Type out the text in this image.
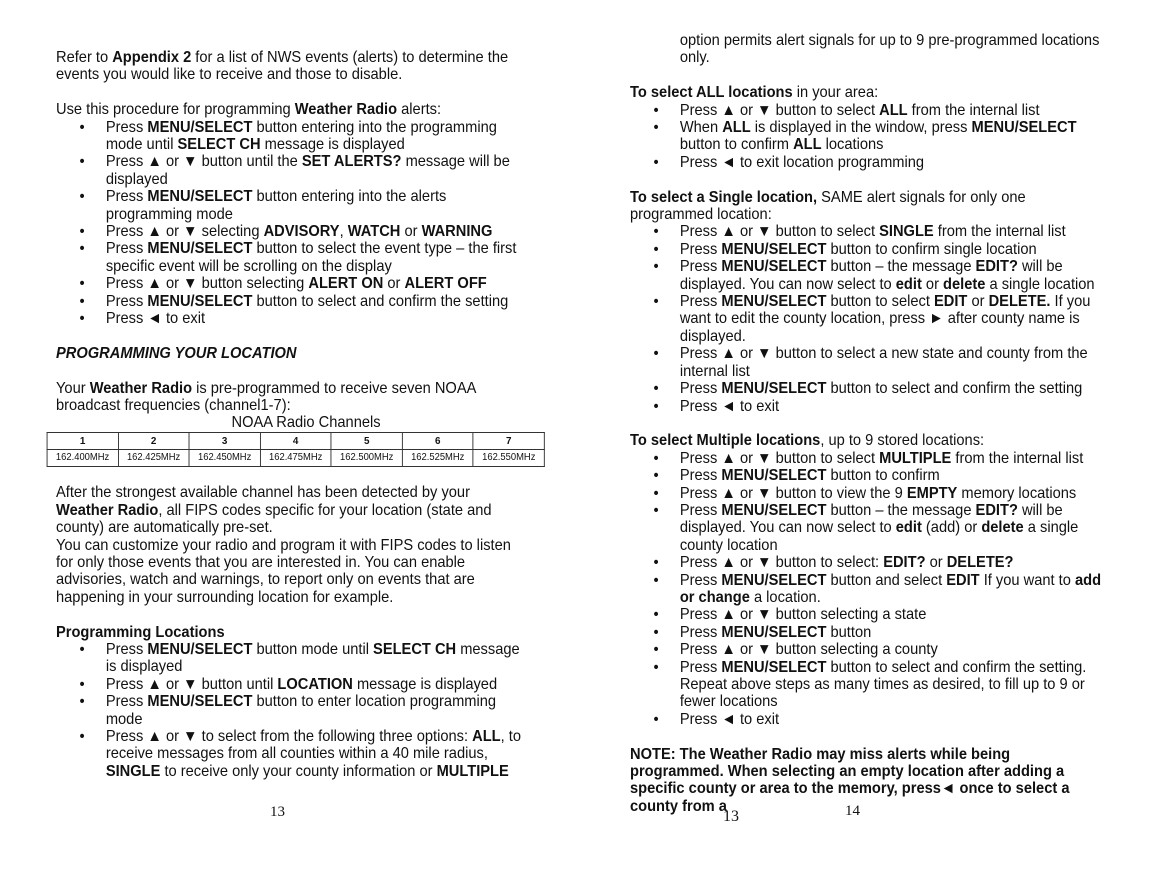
Refer to Appendix 2 for a list of NWS events (alerts) to determine the events you would like to receive and those to disable.

Use this procedure for programming Weather Radio alerts:

• Press MENU/SELECT button entering into the programming mode until SELECT CH message is displayed
• Press ▲ or ▼ button until the SET ALERTS? message will be displayed
• Press MENU/SELECT button entering into the alerts programming mode
• Press ▲ or ▼ selecting ADVISORY, WATCH or WARNING
• Press MENU/SELECT button to select the event type – the first specific event will be scrolling on the display
• Press ▲ or ▼ button selecting ALERT ON or ALERT OFF
• Press MENU/SELECT button to select and confirm the setting
• Press ◄ to exit

PROGRAMMING YOUR LOCATION

Your Weather Radio is pre-programmed to receive seven NOAA broadcast frequencies (channel1-7):

NOAA Radio Channels

1	2	3	4	5	6	7
162.400MHz	162.425MHz	162.450MHz	162.475MHz	162.500MHz	162.525MHz	162.550MHz

After the strongest available channel has been detected by your Weather Radio, all FIPS codes specific for your location (state and county) are automatically pre-set.

You can customize your radio and program it with FIPS codes to listen for only those events that you are interested in. You can enable advisories, watch and warnings, to report only on events that are happening in your surrounding location for example.

Programming Locations

• Press MENU/SELECT button mode until SELECT CH message is displayed
• Press ▲ or ▼ button until LOCATION message is displayed
• Press MENU/SELECT button to enter location programming mode
• Press ▲ or ▼ to select from the following three options: ALL, to receive messages from all counties within a 40 mile radius, SINGLE to receive only your county information or MULTIPLE
13

option permits alert signals for up to 9 pre-programmed locations only.

To select ALL locations in your area:

• Press ▲ or ▼ button to select ALL from the internal list
• When ALL is displayed in the window, press MENU/SELECT button to confirm ALL locations
• Press ◄ to exit location programming

To select a Single location, SAME alert signals for only one programmed location:

• Press ▲ or ▼ button to select SINGLE from the internal list
• Press MENU/SELECT button to confirm single location
• Press MENU/SELECT button – the message EDIT? will be displayed. You can now select to edit or delete a single location
• Press MENU/SELECT button to select EDIT or DELETE. If you want to edit the county location, press ► after county name is displayed.
• Press ▲ or ▼ button to select a new state and county from the internal list
• Press MENU/SELECT button to select and confirm the setting
• Press ◄ to exit

To select Multiple locations, up to 9 stored locations:

• Press ▲ or ▼ button to select MULTIPLE from the internal list
• Press MENU/SELECT button to confirm
• Press ▲ or ▼ button to view the 9 EMPTY memory locations
• Press MENU/SELECT button – the message EDIT? will be displayed. You can now select to edit (add) or delete a single county location
• Press ▲ or ▼ button to select: EDIT? or DELETE?
• Press MENU/SELECT button and select EDIT If you want to add or change a location.
• Press ▲ or ▼ button selecting a state
• Press MENU/SELECT button
• Press ▲ or ▼ button selecting a county
• Press MENU/SELECT button to select and confirm the setting. Repeat above steps as many times as desired, to fill up to 9 or fewer locations
• Press ◄ to exit

NOTE: The Weather Radio may miss alerts while being programmed. When selecting an empty location after adding a specific county or area to the memory, press◄ once to select a county from a

13	14
